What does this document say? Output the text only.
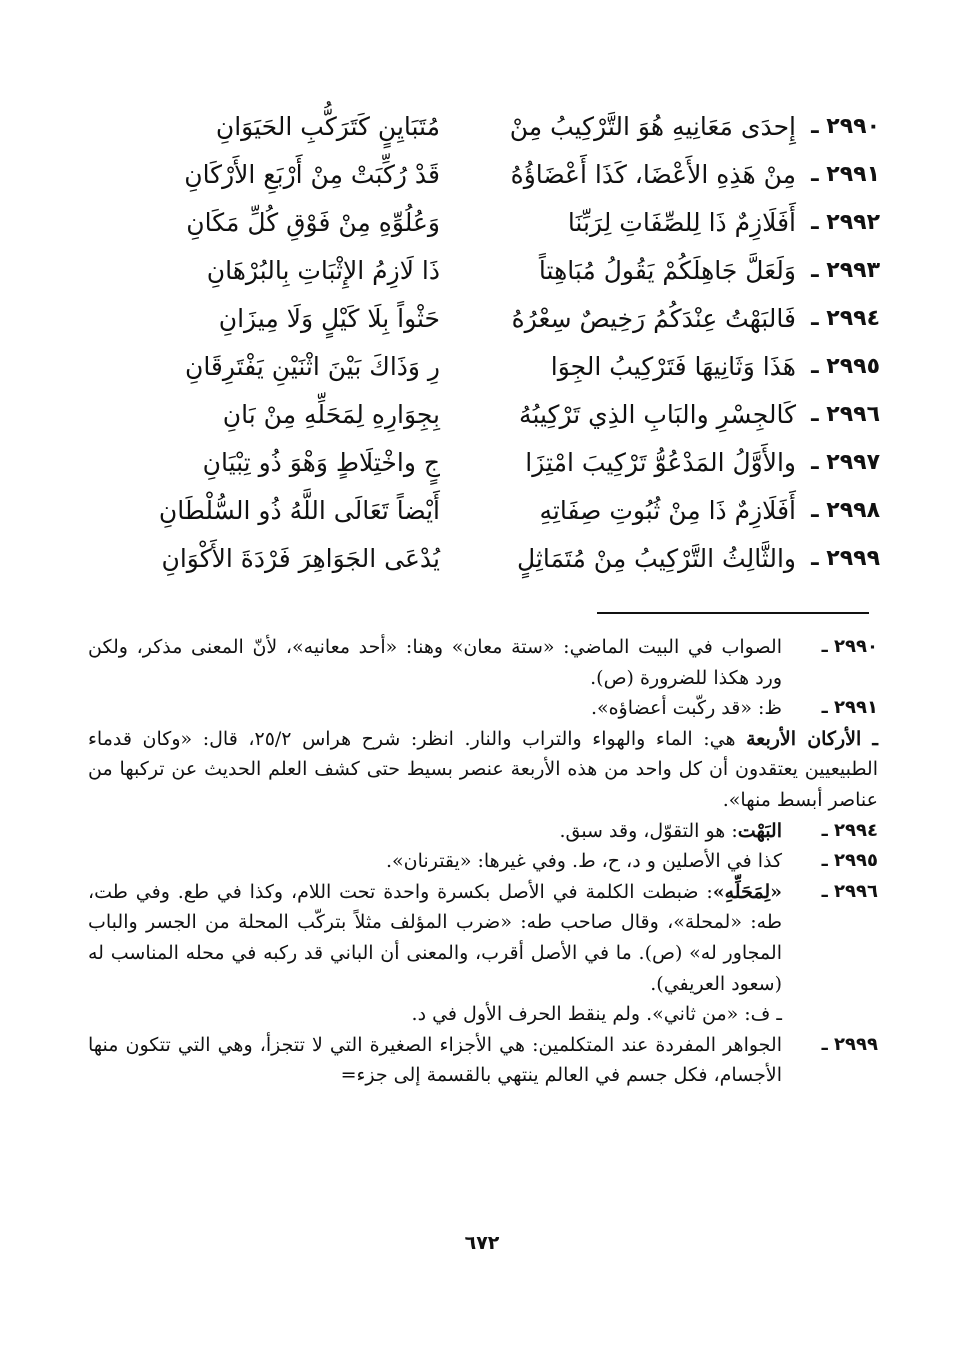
٢٩٩٠ ـ
إِحدَى مَعَانِيهِ هُوَ التَّرْكِيبُ مِنْ
مُتَبَايِنٍ كَتَرَكُّبِ الحَيَوَانِ
٢٩٩١ ـ
مِنْ هَذِهِ الأَعْضَا، كَذَا أَعْضَاؤُهُ
قَدْ رُكِّبَتْ مِنْ أَرْبَعِ الأَرْكَانِ
٢٩٩٢ ـ
أَفَلَازِمٌ ذَا لِلصِّفَاتِ لِرَبِّنَا
وَعُلُوِّهِ مِنْ فَوْقِ كُلِّ مَكَانِ
٢٩٩٣ ـ
وَلَعَلَّ جَاهِلَكُمْ يَقُولُ مُبَاهِتاً
ذَا لَازِمُ الإِثْبَاتِ بِالبُرْهَانِ
٢٩٩٤ ـ
فَالبَهْتُ عِنْدَكُمُ رَخِيصٌ سِعْرُهُ
حَثْواً بِلَا كَيْلٍ وَلَا مِيزَانِ
٢٩٩٥ ـ
هَذَا وَثَانِيهَا فَتَرْكِيبُ الجِوَا
رِ وَذَاكَ بَيْنَ اثْنَيْنِ يَفْتَرِقَانِ
٢٩٩٦ ـ
كَالجِسْرِ والبَابِ الذِي تَرْكِيبُهُ
بِجِوَارِهِ لِمَحَلِّهِ مِنْ بَانِ
٢٩٩٧ ـ
والأَوَّلُ المَدْعُوُّ تَرْكِيبَ امْتِزَا
جٍ واخْتِلَاطٍ وَهْوَ ذُو تِبْيَانِ
٢٩٩٨ ـ
أَفَلَازِمٌ ذَا مِنْ ثُبُوتِ صِفَاتِهِ
أَيْضاً تَعَالَى اللَّهُ ذُو السُّلْطَانِ
٢٩٩٩ ـ
والثَّالِثُ التَّرْكِيبُ مِنْ مُتَمَاثِلٍ
يُدْعَى الجَوَاهِرَ فَرْدَةَ الأَكْوَانِ
٢٩٩٠ ـ
الصواب في البيت الماضي: «ستة معان» وهنا: «أحد معانيه»، لأنّ المعنى مذكر، ولكن ورد هكذا للضرورة (ص).
٢٩٩١ ـ
ظ: «قد ركّبت أعضاؤه».
ـ الأركان الأربعة هي: الماء والهواء والتراب والنار. انظر: شرح هراس ٢٥/٢، قال: «وكان قدماء الطبيعيين يعتقدون أن كل واحد من هذه الأربعة عنصر بسيط حتى كشف العلم الحديث عن تركبها من عناصر أبسط منها».
٢٩٩٤ ـ
البَهْت: هو التقوّل، وقد سبق.
٢٩٩٥ ـ
كذا في الأصلين و د، ح، ط. وفي غيرها: «يقترنان».
٢٩٩٦ ـ
«لِمَحَلِّهِ»: ضبطت الكلمة في الأصل بكسرة واحدة تحت اللام، وكذا في طع. وفي طت، طه: «لمحلة»، وقال صاحب طه: «ضرب المؤلف مثلاً بتركّب المحلة من الجسر والباب المجاور له» (ص). ما في الأصل أقرب، والمعنى أن الباني قد ركبه في محله المناسب له (سعود العريفي).
ـ ف: «من ثاني». ولم ينقط الحرف الأول في د.
٢٩٩٩ ـ
الجواهر المفردة عند المتكلمين: هي الأجزاء الصغيرة التي لا تتجزأ، وهي التي تتكون منها الأجسام، فكل جسم في العالم ينتهي بالقسمة إلى جزء=
٦٧٢
